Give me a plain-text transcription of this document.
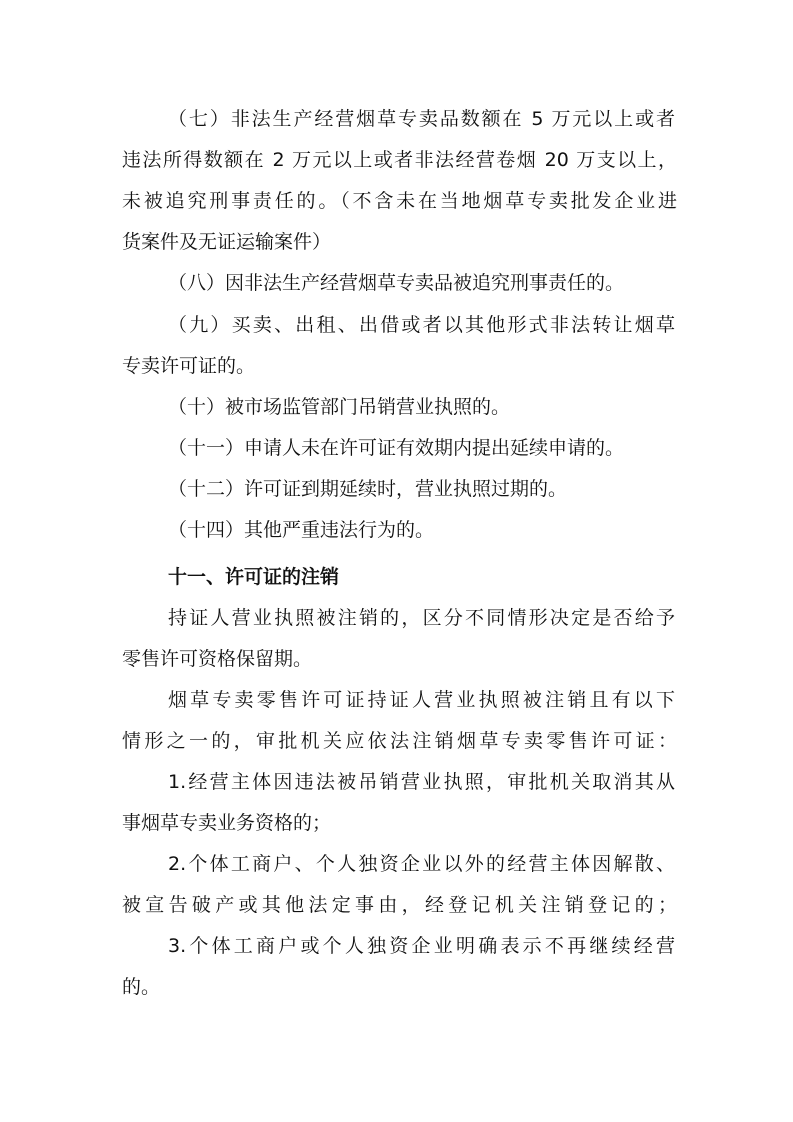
（七）非法生产经营烟草专卖品数额在 5 万元以上或者
违法所得数额在 2 万元以上或者非法经营卷烟 20 万支以上，
未被追究刑事责任的。（不含未在当地烟草专卖批发企业进
货案件及无证运输案件）
（八）因非法生产经营烟草专卖品被追究刑事责任的。
（九）买卖、出租、出借或者以其他形式非法转让烟草
专卖许可证的。
（十）被市场监管部门吊销营业执照的。
（十一）申请人未在许可证有效期内提出延续申请的。
（十二）许可证到期延续时，营业执照过期的。
（十四）其他严重违法行为的。
十一、许可证的注销
持证人营业执照被注销的，区分不同情形决定是否给予
零售许可资格保留期。
烟草专卖零售许可证持证人营业执照被注销且有以下
情形之一的，审批机关应依法注销烟草专卖零售许可证：
1.经营主体因违法被吊销营业执照，审批机关取消其从
事烟草专卖业务资格的；
2.个体工商户、个人独资企业以外的经营主体因解散、
被宣告破产或其他法定事由，经登记机关注销登记的；
3.个体工商户或个人独资企业明确表示不再继续经营
的。
